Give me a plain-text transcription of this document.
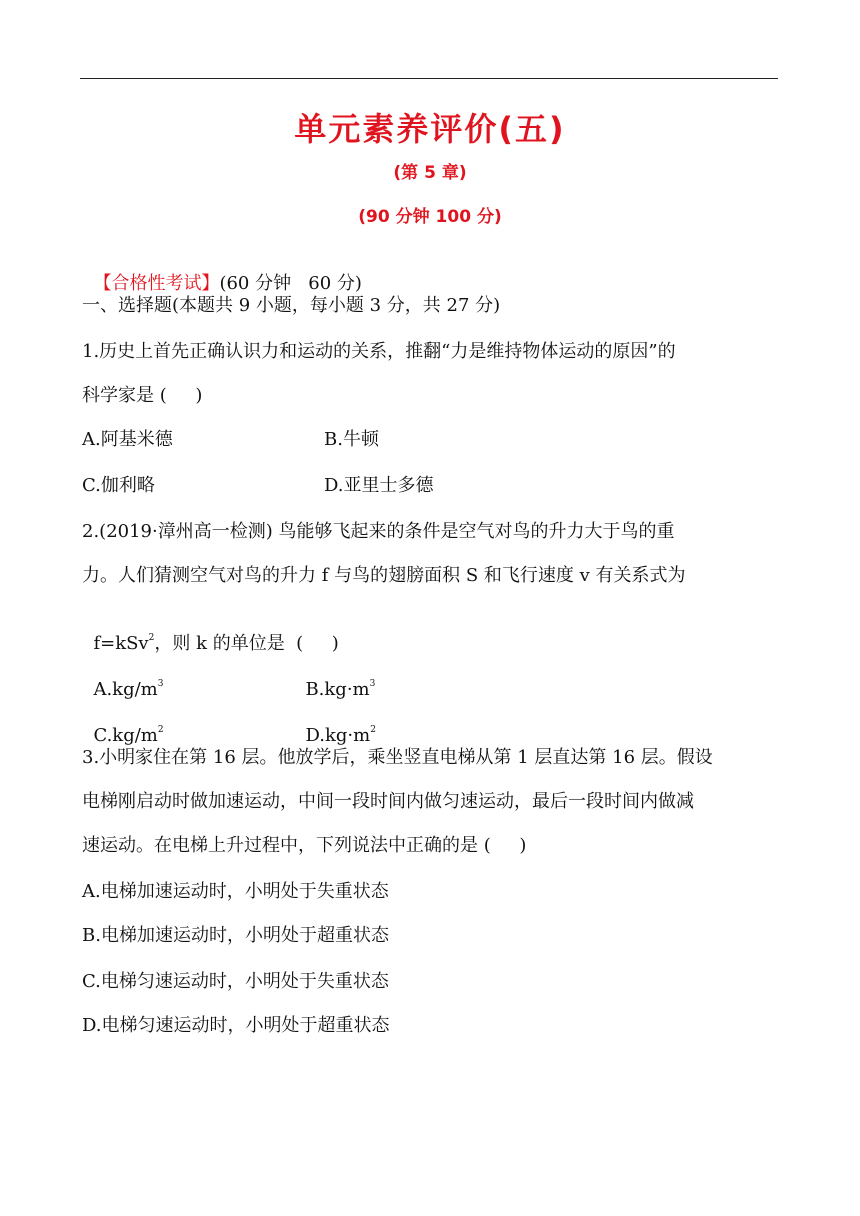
单元素养评价(五)
(第 5 章)
(90 分钟 100 分)

【合格性考试】(60 分钟   60 分)

一、选择题(本题共 9 小题，每小题 3 分，共 27 分)
1.历史上首先正确认识力和运动的关系，推翻“力是维持物体运动的原因”的
科学家是 (     )
A.阿基米德	B.牛顿
C.伽利略	D.亚里士多德
2.(2019·漳州高一检测) 鸟能够飞起来的条件是空气对鸟的升力大于鸟的重
力。人们猜测空气对鸟的升力 f 与鸟的翅膀面积 S 和飞行速度 v 有关系式为

f=kSv$^2$，则 k 的单位是  (     )

$A.kg/m^3$	$B.kg\cdot m^3$

$C.kg/m^2$	$D.kg\cdot m^2$

3.小明家住在第 16 层。他放学后，乘坐竖直电梯从第 1 层直达第 16 层。假设
电梯刚启动时做加速运动，中间一段时间内做匀速运动，最后一段时间内做减
速运动。在电梯上升过程中，下列说法中正确的是 (     )
A.电梯加速运动时，小明处于失重状态
B.电梯加速运动时，小明处于超重状态
C.电梯匀速运动时，小明处于失重状态
D.电梯匀速运动时，小明处于超重状态
